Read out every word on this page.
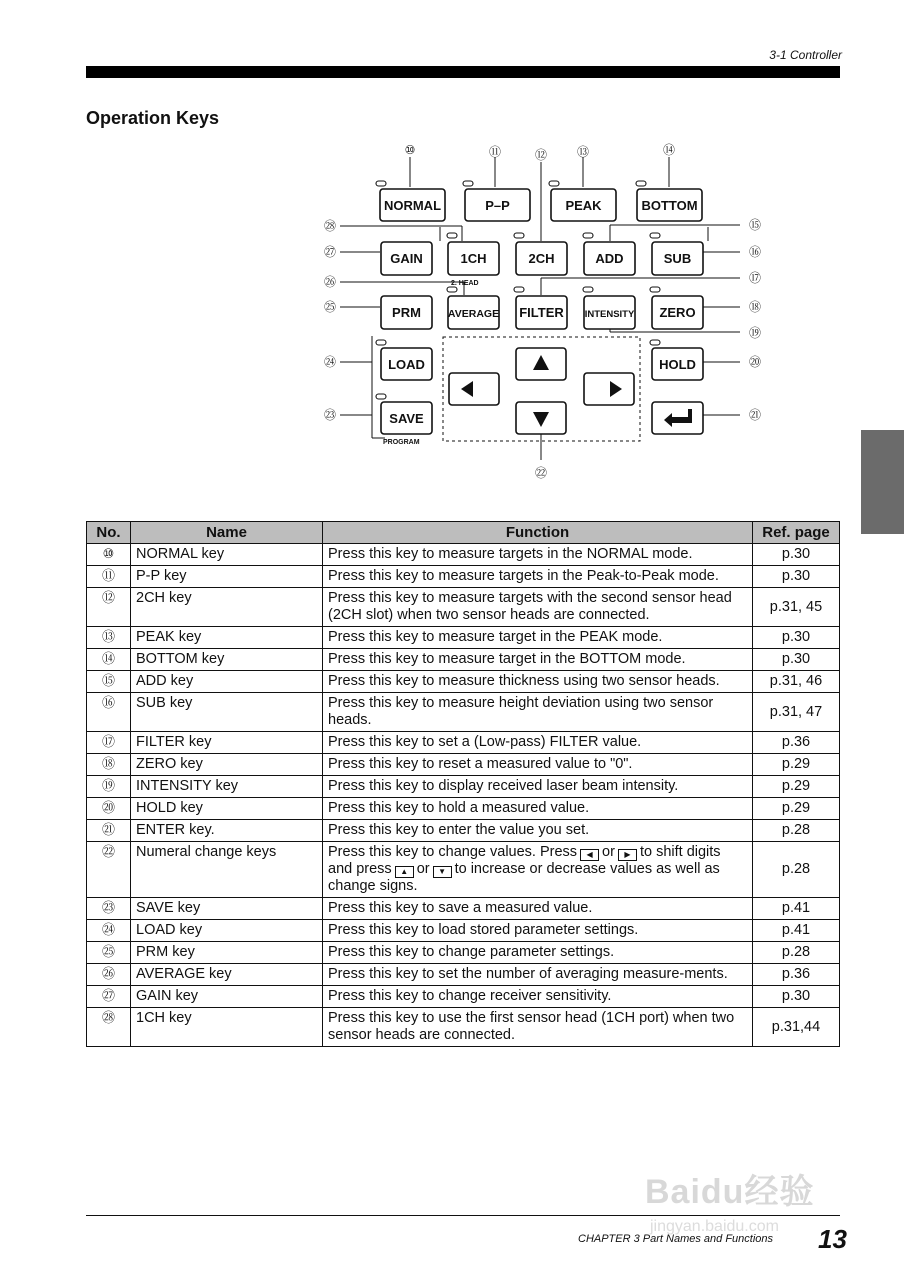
3-1 Controller
Operation Keys
NORMAL	P–P	PEAK	BOTTOM
GAIN	1CH	2CH	ADD	SUB
2. HEAD
PRM	AVERAGE FILTER INTENSITY ZERO
LOAD	HOLD
SAVE
PROGRAM
⑩	⑪	⑫ ⑬	⑭
⑮
⑯
⑰
⑱
⑲
⑳
㉑
㉒
㉓
㉔
㉕
㉖
㉗
㉘
No.	Name	Function	Ref. page
⑩	NORMAL key	Press this key to measure targets in the NORMAL mode.	p.30
⑪	P-P key	Press this key to measure targets in the Peak-to-Peak mode.	p.30
⑫	2CH key	Press this key to measure targets with the second sensor head (2CH slot) when two sensor heads are connected.	p.31, 45
⑬	PEAK key	Press this key to measure target in the PEAK mode.	p.30
⑭	BOTTOM key	Press this key to measure target in the BOTTOM mode.	p.30
⑮	ADD key	Press this key to measure thickness using two sensor heads.	p.31, 46
⑯	SUB key	Press this key to measure height deviation using two sensor heads.	p.31, 47
⑰	FILTER key	Press this key to set a (Low-pass) FILTER value.	p.36
⑱	ZERO key	Press this key to reset a measured value to "0".	p.29
⑲	INTENSITY key	Press this key to display received laser beam intensity.	p.29
⑳	HOLD key	Press this key to hold a measured value.	p.29
㉑	ENTER key.	Press this key to enter the value you set.	p.28
㉒	Numeral change keys	Press this key to change values. Press ◀ or ▶ to shift digits and press ▲ or ▼ to increase or decrease values as well as change signs.	p.28
㉓	SAVE key	Press this key to save a measured value.	p.41
㉔	LOAD key	Press this key to load stored parameter settings.	p.41
㉕	PRM key	Press this key to change parameter settings.	p.28
㉖	AVERAGE key	Press this key to set the number of averaging measure-ments.	p.36
㉗	GAIN key	Press this key to change receiver sensitivity.	p.30
㉘	1CH key	Press this key to use the first sensor head (1CH port) when two sensor heads are connected.	p.31,44
Baidu经验
jingyan.baidu.com
CHAPTER 3 Part Names and Functions 13
